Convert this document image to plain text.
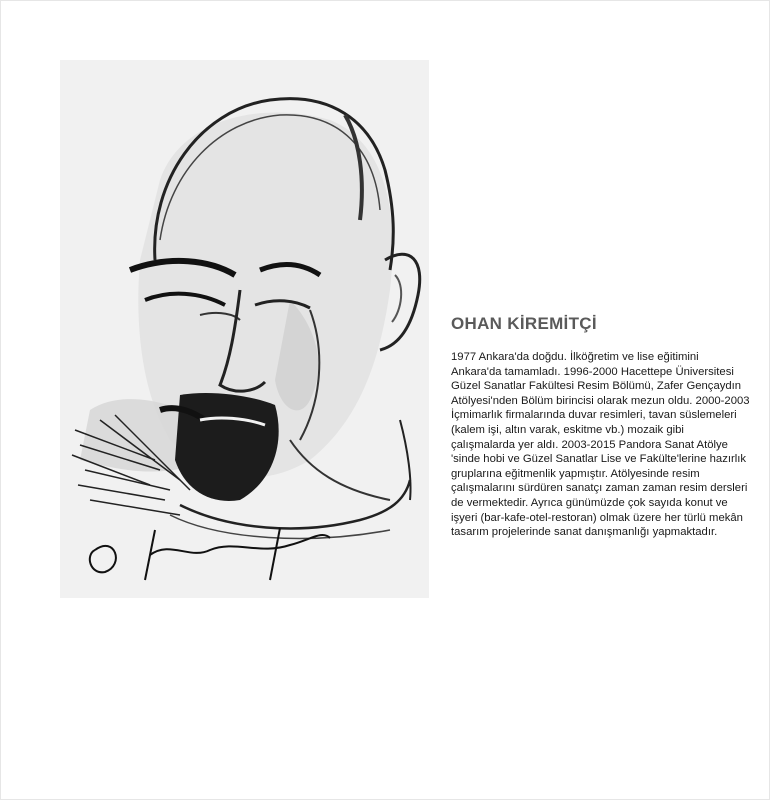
O. Kiremitçi
OHAN KİREMİTÇİ

1977 Ankara'da doğdu. İlköğretim ve lise eğitimini Ankara'da tamamladı. 1996-2000 Hacettepe Üniversitesi Güzel Sanatlar Fakültesi Resim Bölümü, Zafer Gençaydın Atölyesi'nden Bölüm birincisi olarak mezun oldu. 2000-2003 İçmimarlık firmalarında duvar resimleri, tavan süslemeleri (kalem işi, altın varak, eskitme vb.) mozaik gibi çalışmalarda yer aldı. 2003-2015 Pandora Sanat Atölye 'sinde hobi ve Güzel Sanatlar Lise ve Fakülte'lerine hazırlık gruplarına eğitmenlik yapmıştır. Atölyesinde resim çalışmalarını sürdüren sanatçı zaman zaman resim dersleri de vermektedir. Ayrıca günümüzde çok sayıda konut ve işyeri (bar-kafe-otel-restoran) olmak üzere her türlü mekân tasarım projelerinde sanat danışmanlığı yapmaktadır.
